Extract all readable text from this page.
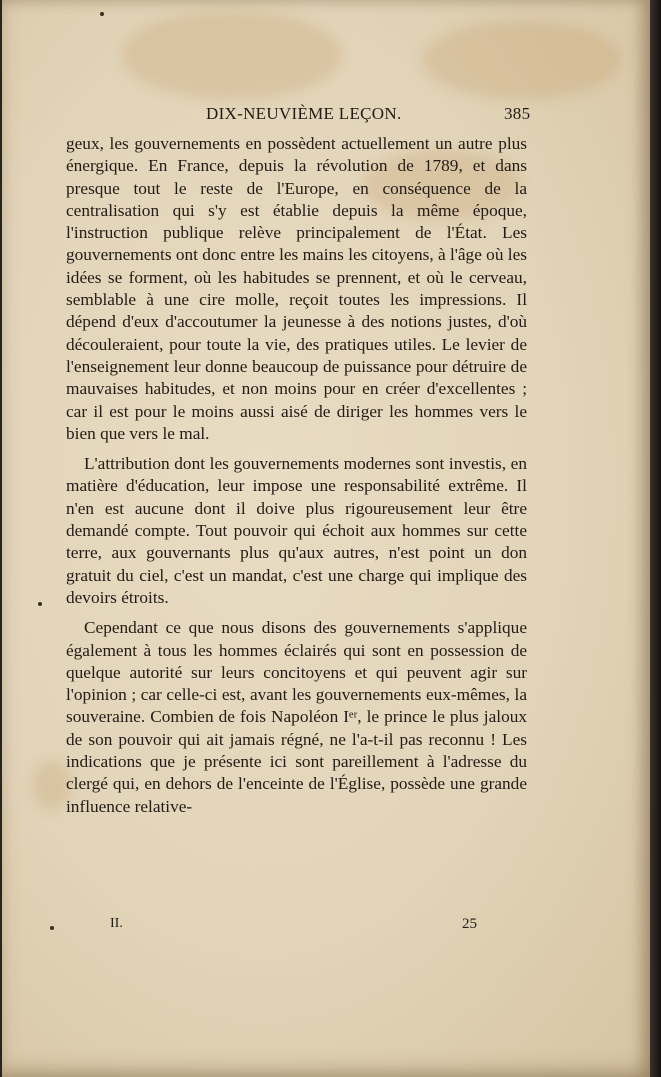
DIX-NEUVIÈME LEÇON.	385

geux, les gouvernements en possèdent actuellement un autre plus énergique. En France, depuis la révolution de 1789, et dans presque tout le reste de l'Europe, en conséquence de la centralisation qui s'y est établie depuis la même époque, l'instruction publique relève principalement de l'État. Les gouvernements ont donc entre les mains les citoyens, à l'âge où les idées se forment, où les habitudes se prennent, et où le cerveau, semblable à une cire molle, reçoit toutes les impressions. Il dépend d'eux d'accoutumer la jeunesse à des notions justes, d'où découleraient, pour toute la vie, des pratiques utiles. Le levier de l'enseignement leur donne beaucoup de puissance pour détruire de mauvaises habitudes, et non moins pour en créer d'excellentes ; car il est pour le moins aussi aisé de diriger les hommes vers le bien que vers le mal.

L'attribution dont les gouvernements modernes sont investis, en matière d'éducation, leur impose une responsabilité extrême. Il n'en est aucune dont il doive plus rigoureusement leur être demandé compte. Tout pouvoir qui échoit aux hommes sur cette terre, aux gouvernants plus qu'aux autres, n'est point un don gratuit du ciel, c'est un mandat, c'est une charge qui implique des devoirs étroits.

Cependant ce que nous disons des gouvernements s'applique également à tous les hommes éclairés qui sont en possession de quelque autorité sur leurs concitoyens et qui peuvent agir sur l'opinion ; car celle-ci est, avant les gouvernements eux-mêmes, la souveraine. Combien de fois Napoléon Iᵉʳ, le prince le plus jaloux de son pouvoir qui ait jamais régné, ne l'a-t-il pas reconnu ! Les indications que je présente ici sont pareillement à l'adresse du clergé qui, en dehors de l'enceinte de l'Église, possède une grande influence relative-

II.	25
